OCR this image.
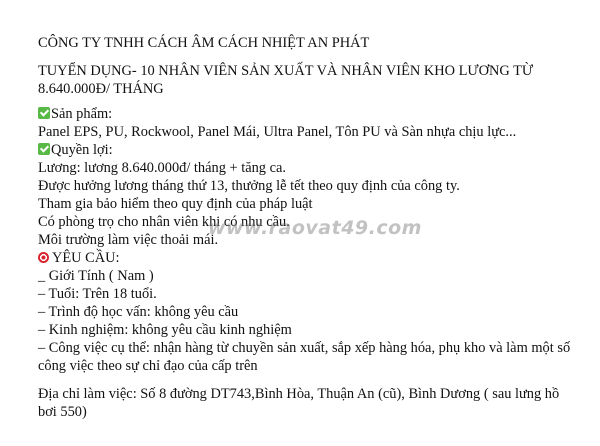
CÔNG TY TNHH CÁCH ÂM CÁCH NHIỆT AN PHÁT

TUYỂN DỤNG- 10 NHÂN VIÊN SẢN XUẤT VÀ NHÂN VIÊN KHO LƯƠNG TỪ 8.640.000Đ/ THÁNG

Sản phẩm:
Panel EPS, PU, Rockwool, Panel Mái, Ultra Panel, Tôn PU và Sàn nhựa chịu lực...
Quyền lợi:
Lương: lương 8.640.000đ/ tháng + tăng ca.
Được hưởng lương tháng thứ 13, thưởng lễ tết theo quy định của công ty.
Tham gia bảo hiểm theo quy định của pháp luật
Có phòng trọ cho nhân viên khi có nhu cầu.
Môi trường làm việc thoải mái.
YÊU CẦU:
_ Giới Tính ( Nam )
– Tuổi: Trên 18 tuổi.
– Trình độ học vấn: không yêu cầu
– Kinh nghiệm: không yêu cầu kinh nghiệm
– Công việc cụ thể: nhận hàng từ chuyền sản xuất, sắp xếp hàng hóa, phụ kho và làm một số công việc theo sự chỉ đạo của cấp trên
Địa chỉ làm việc: Số 8 đường DT743,Bình Hòa, Thuận An (cũ), Bình Dương ( sau lưng hồ bơi 550)
www.raovat49.com
